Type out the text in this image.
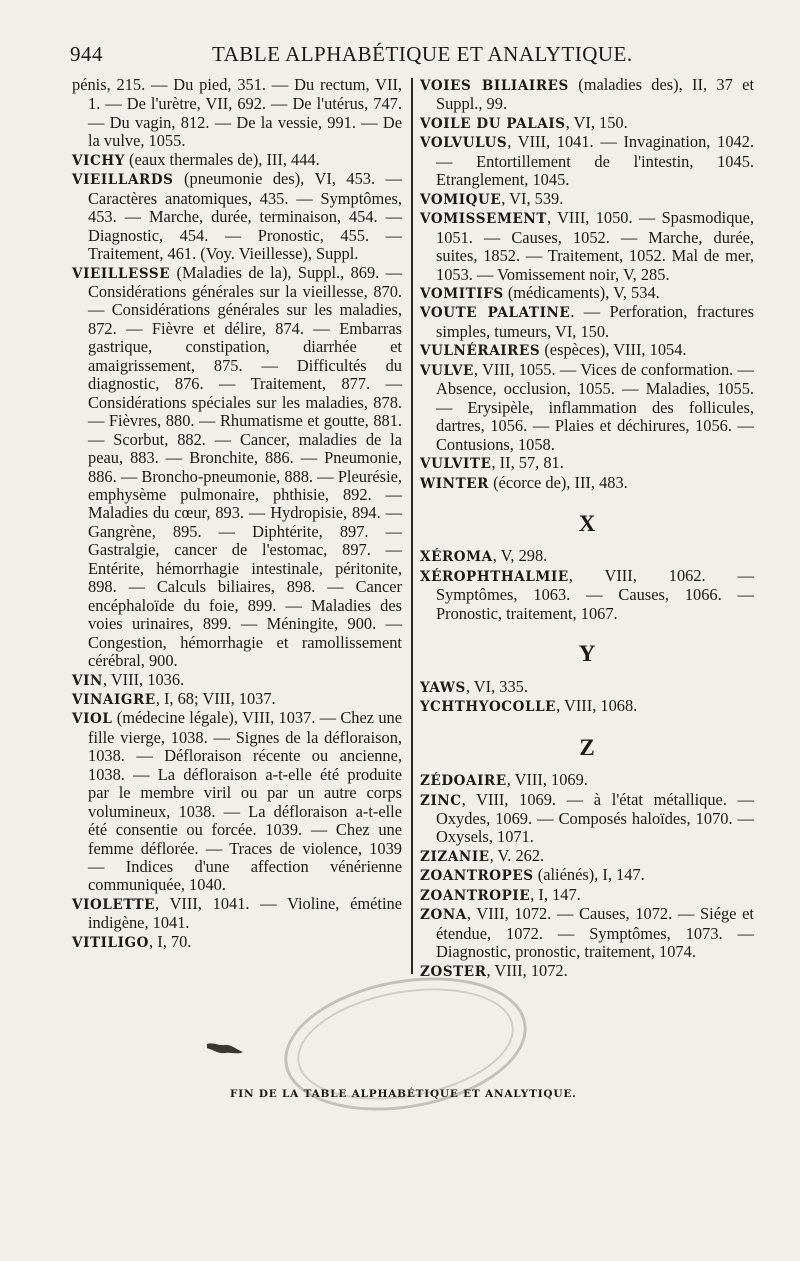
944	TABLE ALPHABÉTIQUE ET ANALYTIQUE.

pénis, 215. — Du pied, 351. — Du rectum, VII, 1. — De l'urètre, VII, 692. — De l'utérus, 747. — Du vagin, 812. — De la vessie, 991. — De la vulve, 1055.

VICHY (eaux thermales de), III, 444.

VIEILLARDS (pneumonie des), VI, 453. — Caractères anatomiques, 435. — Symptômes, 453. — Marche, durée, terminaison, 454. — Diagnostic, 454. — Pronostic, 455. — Traitement, 461. (Voy. Vieillesse), Suppl.

VIEILLESSE (Maladies de la), Suppl., 869. — Considérations générales sur la vieillesse, 870. — Considérations générales sur les maladies, 872. — Fièvre et délire, 874. — Embarras gastrique, constipation, diarrhée et amaigrissement, 875. — Difficultés du diagnostic, 876. — Traitement, 877. — Considérations spéciales sur les maladies, 878. — Fièvres, 880. — Rhumatisme et goutte, 881. — Scorbut, 882. — Cancer, maladies de la peau, 883. — Bronchite, 886. — Pneumonie, 886. — Broncho-pneumonie, 888. — Pleurésie, emphysème pulmonaire, phthisie, 892. — Maladies du cœur, 893. — Hydropisie, 894. — Gangrène, 895. — Diphtérite, 897. — Gastralgie, cancer de l'estomac, 897. — Entérite, hémorrhagie intestinale, péritonite, 898. — Calculs biliaires, 898. — Cancer encéphaloïde du foie, 899. — Maladies des voies urinaires, 899. — Méningite, 900. — Congestion, hémorrhagie et ramollissement cérébral, 900.

VIN, VIII, 1036.

VINAIGRE, I, 68; VIII, 1037.

VIOL (médecine légale), VIII, 1037. — Chez une fille vierge, 1038. — Signes de la défloraison, 1038. — Défloraison récente ou ancienne, 1038. — La défloraison a-t-elle été produite par le membre viril ou par un autre corps volumineux, 1038. — La défloraison a-t-elle été consentie ou forcée. 1039. — Chez une femme déflorée. — Traces de violence, 1039 — Indices d'une affection vénérienne communiquée, 1040.

VIOLETTE, VIII, 1041. — Violine, émétine indigène, 1041.

VITILIGO, I, 70.

VOIES BILIAIRES (maladies des), II, 37 et Suppl., 99.

VOILE DU PALAIS, VI, 150.

VOLVULUS, VIII, 1041. — Invagination, 1042. — Entortillement de l'intestin, 1045. Etranglement, 1045.

VOMIQUE, VI, 539.

VOMISSEMENT, VIII, 1050. — Spasmodique, 1051. — Causes, 1052. — Marche, durée, suites, 1852. — Traitement, 1052. Mal de mer, 1053. — Vomissement noir, V, 285.

VOMITIFS (médicaments), V, 534.

VOUTE PALATINE. — Perforation, fractures simples, tumeurs, VI, 150.

VULNÉRAIRES (espèces), VIII, 1054.

VULVE, VIII, 1055. — Vices de conformation. — Absence, occlusion, 1055. — Maladies, 1055. — Erysipèle, inflammation des follicules, dartres, 1056. — Plaies et déchirures, 1056. — Contusions, 1058.

VULVITE, II, 57, 81.

WINTER (écorce de), III, 483.

X

XÉROMA, V, 298.

XÉROPHTHALMIE, VIII, 1062. — Symptômes, 1063. — Causes, 1066. — Pronostic, traitement, 1067.

Y

YAWS, VI, 335.

YCHTHYOCOLLE, VIII, 1068.

Z

ZÉDOAIRE, VIII, 1069.

ZINC, VIII, 1069. — à l'état métallique. — Oxydes, 1069. — Composés haloïdes, 1070. — Oxysels, 1071.

ZIZANIE, V. 262.

ZOANTROPES (aliénés), I, 147.

ZOANTROPIE, I, 147.

ZONA, VIII, 1072. — Causes, 1072. — Siége et étendue, 1072. — Symptômes, 1073. — Diagnostic, pronostic, traitement, 1074.

ZOSTER, VIII, 1072.

FIN DE LA TABLE ALPHABÉTIQUE ET ANALYTIQUE.
